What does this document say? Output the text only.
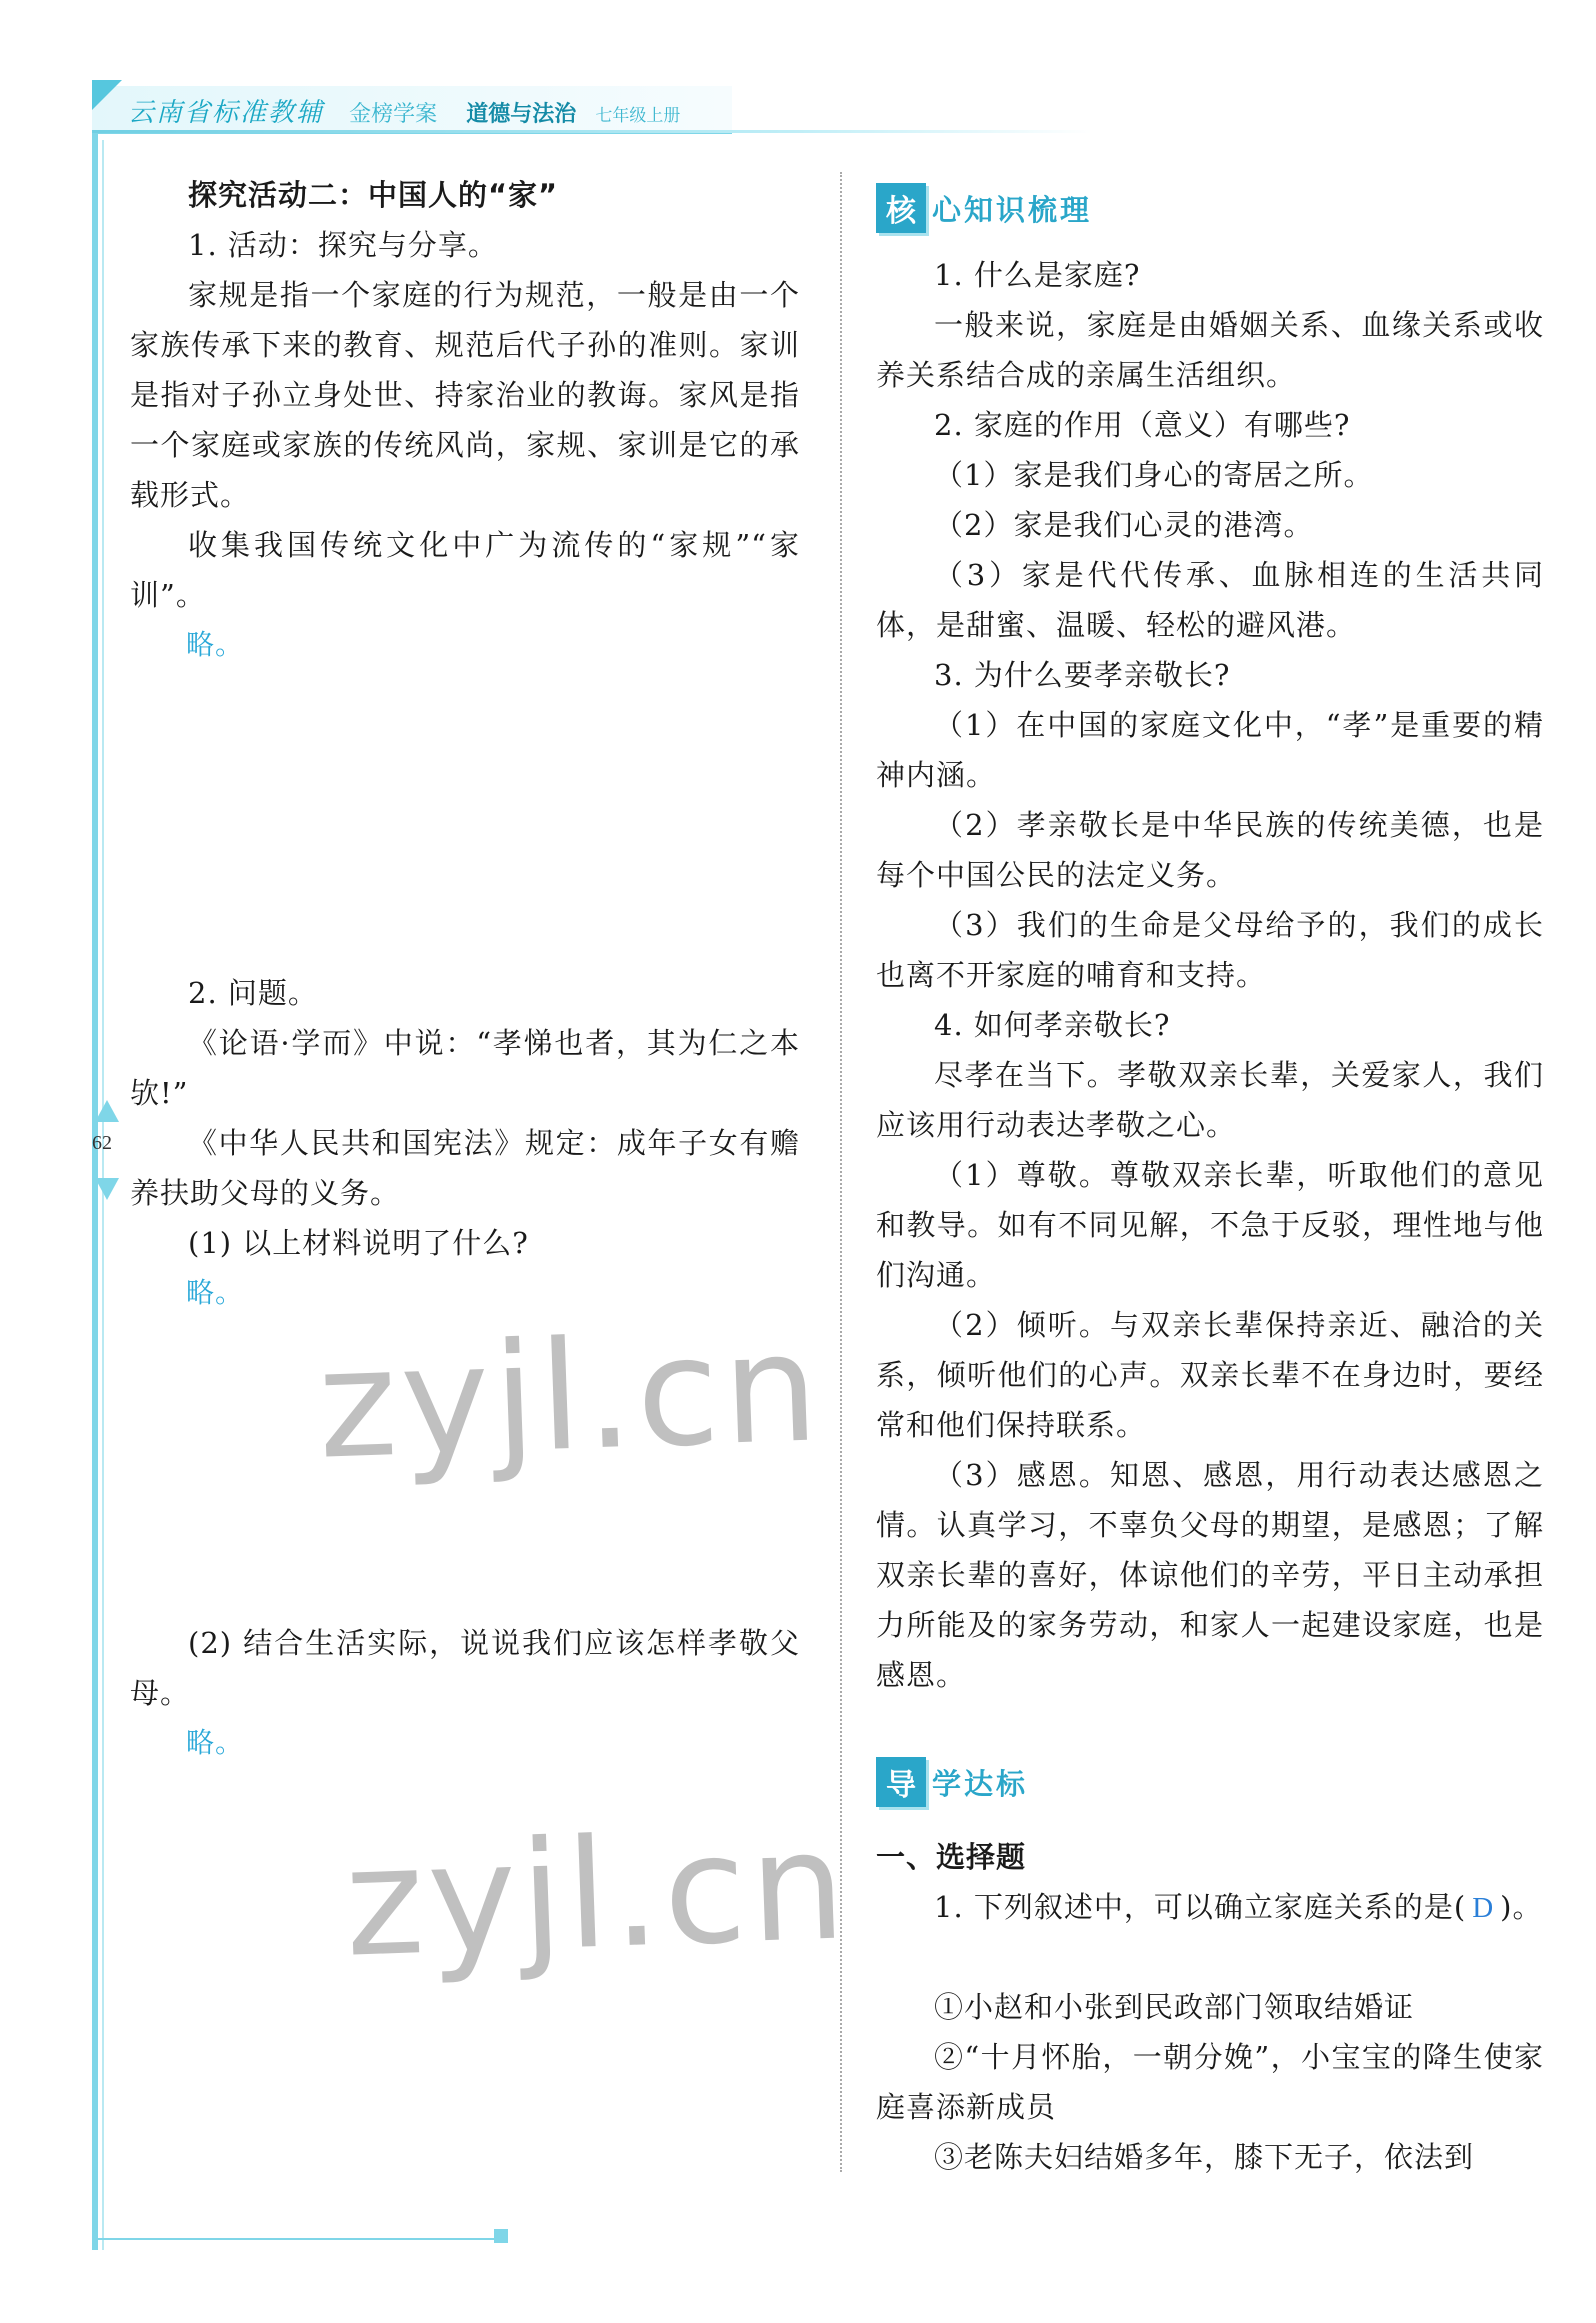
云南省标准教辅 金榜学案 道德与法治 七年级上册
62

探究活动二：中国人的“家”

1. 活动：探究与分享。

家规是指一个家庭的行为规范，一般是由一个家族传承下来的教育、规范后代子孙的准则。家训是指对子孙立身处世、持家治业的教诲。家风是指一个家庭或家族的传统风尚，家规、家训是它的承载形式。

收集我国传统文化中广为流传的“家规”“家训”。

略。

2. 问题。

《论语·学而》中说：“孝悌也者，其为仁之本欤!”

《中华人民共和国宪法》规定：成年子女有赡养扶助父母的义务。

(1) 以上材料说明了什么?

略。

(2) 结合生活实际，说说我们应该怎样孝敬父母。

略。

zyjl.cn
zyjl.cn
核 心知识梳理

1. 什么是家庭?

一般来说，家庭是由婚姻关系、血缘关系或收养关系结合成的亲属生活组织。

2. 家庭的作用（意义）有哪些?

（1）家是我们身心的寄居之所。

（2）家是我们心灵的港湾。

（3）家是代代传承、血脉相连的生活共同体，是甜蜜、温暖、轻松的避风港。

3. 为什么要孝亲敬长?

（1）在中国的家庭文化中，“孝”是重要的精神内涵。

（2）孝亲敬长是中华民族的传统美德，也是每个中国公民的法定义务。

（3）我们的生命是父母给予的，我们的成长也离不开家庭的哺育和支持。

4. 如何孝亲敬长?

尽孝在当下。孝敬双亲长辈，关爱家人，我们应该用行动表达孝敬之心。

（1）尊敬。尊敬双亲长辈，听取他们的意见和教导。如有不同见解，不急于反驳，理性地与他们沟通。

（2）倾听。与双亲长辈保持亲近、融洽的关系，倾听他们的心声。双亲长辈不在身边时，要经常和他们保持联系。

（3）感恩。知恩、感恩，用行动表达感恩之情。认真学习，不辜负父母的期望，是感恩；了解双亲长辈的喜好，体谅他们的辛劳，平日主动承担力所能及的家务劳动，和家人一起建设家庭，也是感恩。

导 学达标

一、选择题

1. 下列叙述中，可以确立家庭关系的是( D )。

①小赵和小张到民政部门领取结婚证

②“十月怀胎，一朝分娩”，小宝宝的降生使家庭喜添新成员

③老陈夫妇结婚多年，膝下无子，依法到
